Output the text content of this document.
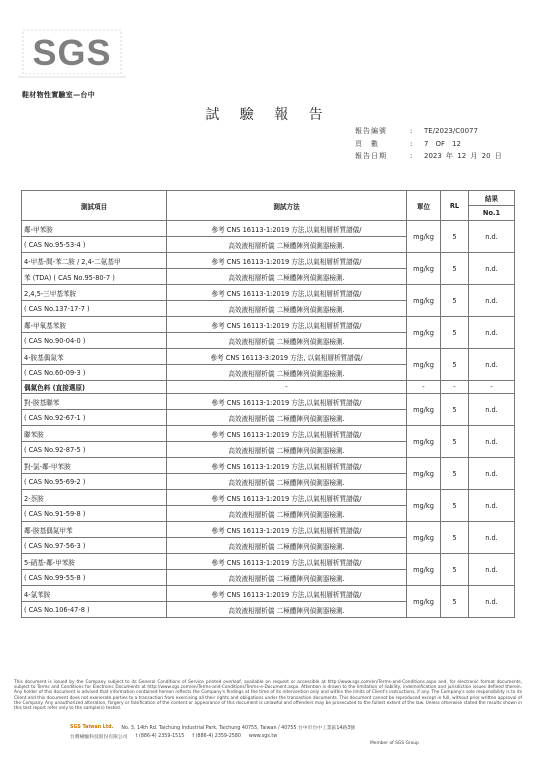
SGS
鞋材物性實驗室—台中
試 驗 報 告
報告編號	:	TE/2023/C0077
頁　數	:	7　OF　12
報告日期	:	2023 年 12 月 20 日
測試項目	測試方法	單位	RL	結果
				No.1
鄰-甲苯胺	參考 CNS 16113-1:2019 方法,以氣相層析質譜儀/	mg/kg	5	n.d.
( CAS No.95-53-4 )	高效液相層析儀 二極體陣列偵測器檢測.			
4-甲基-間-苯二胺 / 2,4-二氨基甲	參考 CNS 16113-1:2019 方法,以氣相層析質譜儀/	mg/kg	5	n.d.
苯 (TDA) ( CAS No.95-80-7 )	高效液相層析儀 二極體陣列偵測器檢測.			
2,4,5-三甲基苯胺	參考 CNS 16113-1:2019 方法,以氣相層析質譜儀/	mg/kg	5	n.d.
( CAS No.137-17-7 )	高效液相層析儀 二極體陣列偵測器檢測.			
鄰-甲氧基苯胺	參考 CNS 16113-1:2019 方法,以氣相層析質譜儀/	mg/kg	5	n.d.
( CAS No.90-04-0 )	高效液相層析儀 二極體陣列偵測器檢測.			
4-胺基偶氮苯	參考 CNS 16113-3:2019 方法, 以氣相層析質譜儀/	mg/kg	5	n.d.
( CAS No.60-09-3 )	高效液相層析儀 二極體陣列偵測器檢測.			
偶氮色料 (直接選原)	-	-	-	-
對-胺基聯苯	參考 CNS 16113-1:2019 方法,以氣相層析質譜儀/	mg/kg	5	n.d.
( CAS No.92-67-1 )	高效液相層析儀 二極體陣列偵測器檢測.			
聯苯胺	參考 CNS 16113-1:2019 方法,以氣相層析質譜儀/	mg/kg	5	n.d.
( CAS No.92-87-5 )	高效液相層析儀 二極體陣列偵測器檢測.			
對-氯-鄰-甲苯胺	參考 CNS 16113-1:2019 方法,以氣相層析質譜儀/	mg/kg	5	n.d.
( CAS No.95-69-2 )	高效液相層析儀 二極體陣列偵測器檢測.			
2-萘胺	參考 CNS 16113-1:2019 方法,以氣相層析質譜儀/	mg/kg	5	n.d.
( CAS No.91-59-8 )	高效液相層析儀 二極體陣列偵測器檢測.			
鄰-胺基偶氮甲苯	參考 CNS 16113-1:2019 方法,以氣相層析質譜儀/	mg/kg	5	n.d.
( CAS No.97-56-3 )	高效液相層析儀 二極體陣列偵測器檢測.			
5-硝基-鄰-甲苯胺	參考 CNS 16113-1:2019 方法,以氣相層析質譜儀/	mg/kg	5	n.d.
( CAS No.99-55-8 )	高效液相層析儀 二極體陣列偵測器檢測.			
4-氯苯胺	參考 CNS 16113-1:2019 方法,以氣相層析質譜儀/	mg/kg	5	n.d.
( CAS No.106-47-8 )	高效液相層析儀 二極體陣列偵測器檢測.			
This document is issued by the Company subject to its General Conditions of Service printed overleaf, available on request or accessible at http://www.sgs.com/en/Terms-and-Conditions.aspx and, for electronic format documents, subject to Terms and Conditions for Electronic Documents at http://www.sgs.com/en/Terms-and-Conditions/Terms-e-Document.aspx. Attention is drawn to the limitation of liability, indemnification and jurisdiction issues defined therein. Any holder of this document is advised that information contained hereon reflects the Company's findings at the time of its intervention only and within the limits of Client's instructions, if any. The Company's sole responsibility is to its Client and this document does not exonerate parties to a transaction from exercising all their rights and obligations under the transaction documents. This document cannot be reproduced except in full, without prior written approval of the Company. Any unauthorized alteration, forgery or falsification of the content or appearance of this document is unlawful and offenders may be prosecuted to the fullest extent of the law. Unless otherwise stated the results shown in this test report refer only to the sample(s) tested.
SGS Taiwan Ltd. No. 3, 14th Rd. Taichung Industrial Park, Taichung 40755, Taiwan / 40755 台中市台中工業區14路3號
台灣檢驗科技股份有限公司 t (886-4) 2359-1515 f (886-4) 2359-2580 www.sgs.tw
Member of SGS Group
